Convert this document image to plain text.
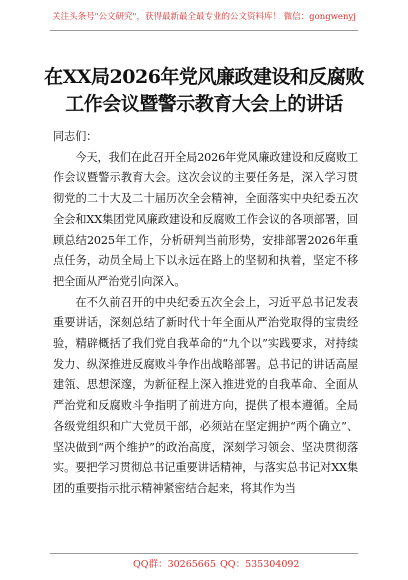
关注头条号"公文研究"，获得最新最全最专业的公文资料库！ 微信：gongwenyj
在XX局2026年党风廉政建设和反腐败
工作会议暨警示教育大会上的讲话

同志们：

今天，我们在此召开全局2026年党风廉政建设和反腐败工作会议暨警示教育大会。这次会议的主要任务是，深入学习贯彻党的二十大及二十届历次全会精神，全面落实中央纪委五次全会和XX集团党风廉政建设和反腐败工作会议的各项部署，回顾总结2025年工作，分析研判当前形势，安排部署2026年重点任务，动员全局上下以永远在路上的坚韧和执着，坚定不移把全面从严治党引向深入。

在不久前召开的中央纪委五次全会上，习近平总书记发表重要讲话，深刻总结了新时代十年全面从严治党取得的宝贵经验，精辟概括了我们党自我革命的“九个以”实践要求，对持续发力、纵深推进反腐败斗争作出战略部署。总书记的讲话高屋建瓴、思想深邃，为新征程上深入推进党的自我革命、全面从严治党和反腐败斗争指明了前进方向，提供了根本遵循。全局各级党组织和广大党员干部，必须站在坚定拥护“两个确立”、坚决做到“两个维护”的政治高度，深刻学习领会、坚决贯彻落实。要把学习贯彻总书记重要讲话精神，与落实总书记对XX集团的重要指示批示精神紧密结合起来，将其作为当

QQ群：30265665 QQ：535304092
